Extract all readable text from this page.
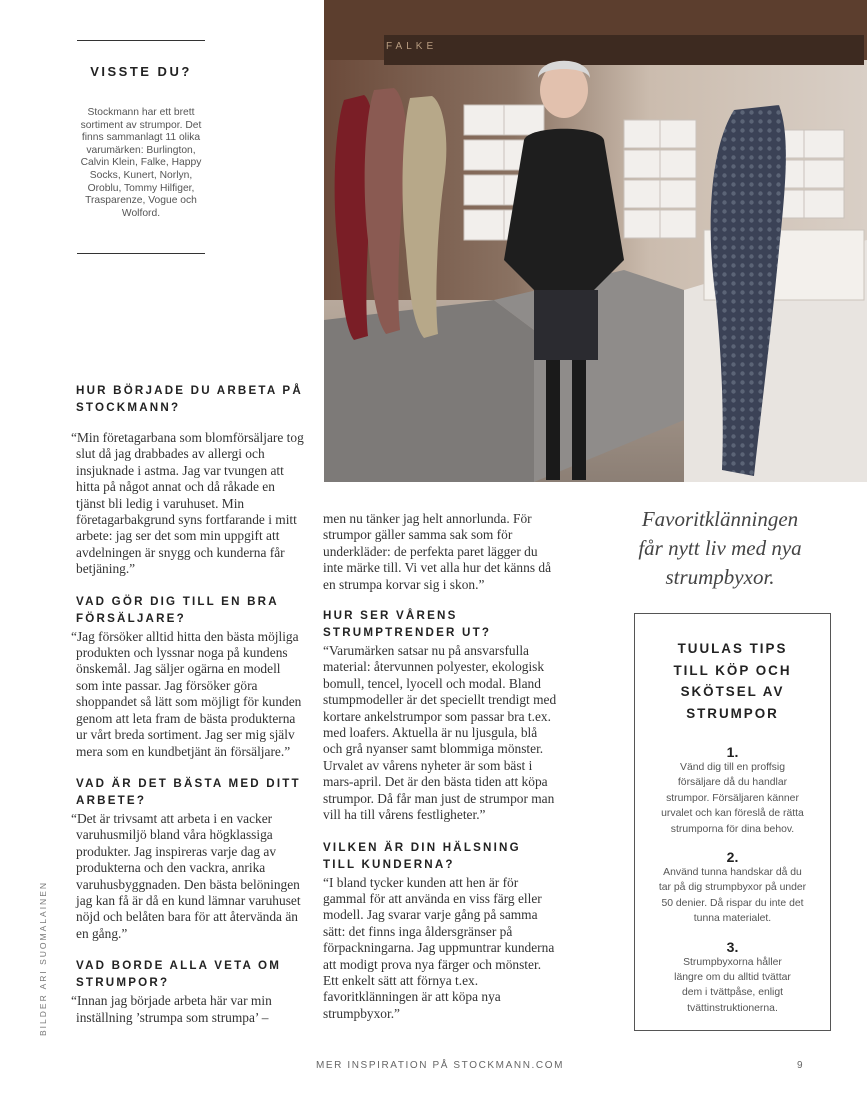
VISSTE DU?
Stockmann har ett brett sortiment av strumpor. Det finns sammanlagt 11 olika varumärken: Burlington, Calvin Klein, Falke, Happy Socks, Kunert, Norlyn, Oroblu, Tommy Hilfiger, Trasparenze, Vogue och Wolford.
FALKE
HUR BÖRJADE DU ARBETA PÅ STOCKMANN?
“Min företagarbana som blomförsäljare tog slut då jag drabbades av allergi och insjuknade i astma. Jag var tvungen att hitta på något annat och då råkade en tjänst bli ledig i varuhuset. Min företagarbakgrund syns fortfarande i mitt arbete: jag ser det som min uppgift att avdelningen är snygg och kunderna får betjäning.”
VAD GÖR DIG TILL EN BRA FÖRSÄLJARE?
“Jag försöker alltid hitta den bästa möjliga produkten och lyssnar noga på kundens önskemål. Jag säljer ogärna en modell som inte passar. Jag försöker göra shoppandet så lätt som möjligt för kunden genom att leta fram de bästa produkterna ur vårt breda sortiment. Jag ser mig själv mera som en kundbetjänt än försäljare.”
VAD ÄR DET BÄSTA MED DITT ARBETE?
“Det är trivsamt att arbeta i en vacker varuhusmiljö bland våra högklassiga produkter. Jag inspireras varje dag av produkterna och den vackra, anrika varuhusbyggnaden. Den bästa belöningen jag kan få är då en kund lämnar varuhuset nöjd och belåten bara för att återvända än en gång.”
VAD BORDE ALLA VETA OM STRUMPOR?
“Innan jag började arbeta här var min inställning ’strumpa som strumpa’ –
men nu tänker jag helt annorlunda. För strumpor gäller samma sak som för underkläder: de perfekta paret lägger du inte märke till. Vi vet alla hur det känns då en strumpa korvar sig i skon.”
HUR SER VÅRENS STRUMPTRENDER UT?
“Varumärken satsar nu på ansvarsfulla material: återvunnen polyester, ekologisk bomull, tencel, lyocell och modal. Bland stumpmodeller är det speciellt trendigt med kortare ankelstrumpor som passar bra t.ex. med loafers. Aktuella är nu ljusgula, blå och grå nyanser samt blommiga mönster. Urvalet av vårens nyheter är som bäst i mars-april. Det är den bästa tiden att köpa strumpor. Då får man just de strumpor man vill ha till vårens festligheter.”
VILKEN ÄR DIN HÄLSNING TILL KUNDERNA?
“I bland tycker kunden att hen är för gammal för att använda en viss färg eller modell. Jag svarar varje gång på samma sätt: det finns inga åldersgränser på förpackningarna. Jag uppmuntrar kunderna att modigt prova nya färger och mönster. Ett enkelt sätt att förnya t.ex. favoritklänningen är att köpa nya strumpbyxor.”
Favoritklänningen får nytt liv med nya strumpbyxor.
TUULAS TIPS TILL KÖP OCH SKÖTSEL AV STRUMPOR
1.
Vänd dig till en proffsig försäljare då du handlar strumpor. Försäljaren känner urvalet och kan föreslå de rätta strumporna för dina behov.
2.
Använd tunna handskar då du tar på dig strumpbyxor på under 50 denier. Då rispar du inte det tunna materialet.
3.
Strumpbyxorna håller längre om du alltid tvättar dem i tvättpåse, enligt tvättinstruktionerna.
BILDER ARI SUOMALAINEN
MER INSPIRATION PÅ STOCKMANN.COM	9
